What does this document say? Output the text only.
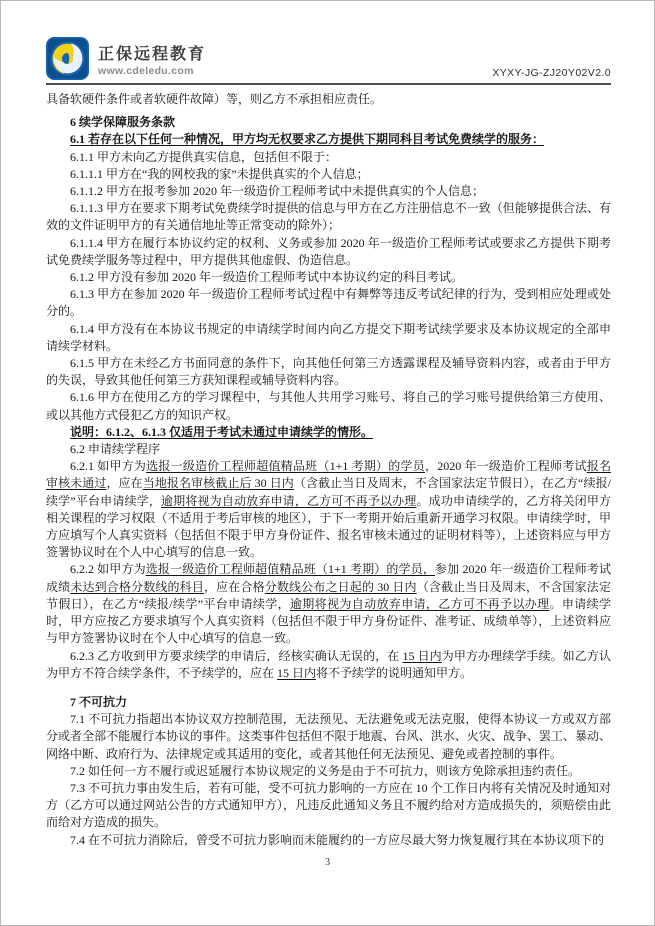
正保远程教育
www.cdeledu.com	XYXY-JG-ZJ20Y02V2.0

具备软硬件条件或者软硬件故障）等，则乙方不承担相应责任。

6 续学保障服务条款

6.1 若存在以下任何一种情况，甲方均无权要求乙方提供下期同科目考试免费续学的服务：

6.1.1 甲方未向乙方提供真实信息，包括但不限于：

6.1.1.1 甲方在“我的网校我的家”未提供真实的个人信息；

6.1.1.2 甲方在报考参加 2020 年一级造价工程师考试中未提供真实的个人信息；

6.1.1.3 甲方在要求下期考试免费续学时提供的信息与甲方在乙方注册信息不一致（但能够提供合法、有效的文件证明甲方的有关通信地址等正常变动的除外）；

6.1.1.4 甲方在履行本协议约定的权利、义务或参加 2020 年一级造价工程师考试或要求乙方提供下期考试免费续学服务等过程中，甲方提供其他虚假、伪造信息。

6.1.2 甲方没有参加 2020 年一级造价工程师考试中本协议约定的科目考试。

6.1.3 甲方在参加 2020 年一级造价工程师考试过程中有舞弊等违反考试纪律的行为，受到相应处理或处分的。

6.1.4 甲方没有在本协议书规定的申请续学时间内向乙方提交下期考试续学要求及本协议规定的全部申请续学材料。

6.1.5 甲方在未经乙方书面同意的条件下，向其他任何第三方透露课程及辅导资料内容，或者由于甲方的失误，导致其他任何第三方获知课程或辅导资料内容。

6.1.6 甲方在使用乙方的学习课程中，与其他人共用学习账号、将自己的学习账号提供给第三方使用、或以其他方式侵犯乙方的知识产权。

说明：6.1.2、6.1.3 仅适用于考试未通过申请续学的情形。

6.2 申请续学程序

6.2.1 如甲方为选报一级造价工程师超值精品班（1+1 考期）的学员，2020 年一级造价工程师考试报名审核未通过，应在当地报名审核截止后 30 日内（含截止当日及周末，不含国家法定节假日），在乙方“续报/续学”平台申请续学，逾期将视为自动放弃申请，乙方可不再予以办理。成功申请续学的，乙方将关闭甲方相关课程的学习权限（不适用于考后审核的地区），于下一考期开始后重新开通学习权限。申请续学时，甲方应填写个人真实资料（包括但不限于甲方身份证件、报名审核未通过的证明材料等），上述资料应与甲方签署协议时在个人中心填写的信息一致。

6.2.2 如甲方为选报一级造价工程师超值精品班（1+1 考期）的学员，参加 2020 年一级造价工程师考试成绩未达到合格分数线的科目，应在合格分数线公布之日起的 30 日内（含截止当日及周末，不含国家法定节假日），在乙方“续报/续学”平台申请续学，逾期将视为自动放弃申请，乙方可不再予以办理。申请续学时，甲方应按乙方要求填写个人真实资料（包括但不限于甲方身份证件、准考证、成绩单等），上述资料应与甲方签署协议时在个人中心填写的信息一致。

6.2.3 乙方收到甲方要求续学的申请后，经核实确认无误的，在 15 日内为甲方办理续学手续。如乙方认为甲方不符合续学条件，不予续学的，应在 15 日内将不予续学的说明通知甲方。

7 不可抗力

7.1 不可抗力指超出本协议双方控制范围，无法预见、无法避免或无法克服，使得本协议一方或双方部分或者全部不能履行本协议的事件。这类事件包括但不限于地震、台风、洪水、火灾、战争、罢工、暴动、网络中断、政府行为、法律规定或其适用的变化，或者其他任何无法预见、避免或者控制的事件。

7.2 如任何一方不履行或迟延履行本协议规定的义务是由于不可抗力，则该方免除承担违约责任。

7.3 不可抗力事由发生后，若有可能，受不可抗力影响的一方应在 10 个工作日内将有关情况及时通知对方（乙方可以通过网站公告的方式通知甲方），凡违反此通知义务且不履约给对方造成损失的，须赔偿由此而给对方造成的损失。

7.4 在不可抗力消除后，曾受不可抗力影响而未能履约的一方应尽最大努力恢复履行其在本协议项下的

3
